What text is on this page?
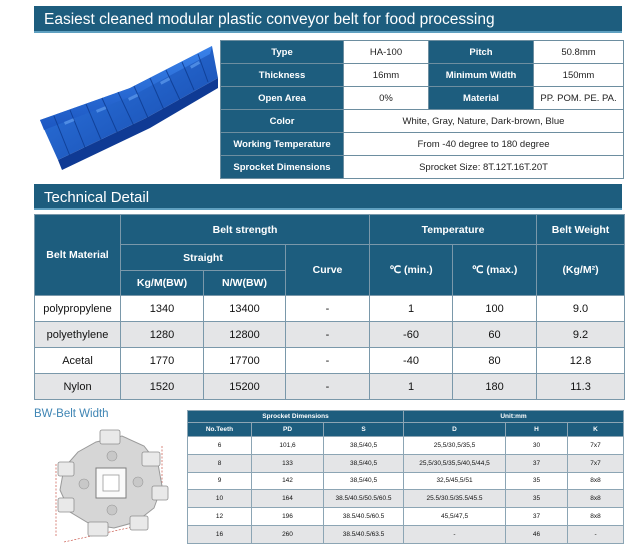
Easiest cleaned modular plastic conveyor belt for food processing
Type	HA-100	Pitch	50.8mm
Thickness	16mm	Minimum Width	150mm
Open Area	0%	Material	PP. POM. PE. PA.
Color	White, Gray, Nature, Dark-brown, Blue		
Working Temperature	From -40 degree to 180 degree		
Sprocket Dimensions	Sprocket Size: 8T.12T.16T.20T		
Technical Detail
Belt Material	Belt strength			Temperature		Belt Weight
	Straight		Curve	℃ (min.)	℃ (max.)	(Kg/M²)
	Kg/M(BW)	N/W(BW)				
polypropylene	1340	13400	-	1	100	9.0
polyethylene	1280	12800	-	-60	60	9.2
Acetal	1770	17700	-	-40	80	12.8
Nylon	1520	15200	-	1	180	11.3
BW-Belt Width	Sprocket Dimensions			Unit:mm		
No.Teeth	PD	S	D	H	K
6	101,6	38,5/40,5	25,5/30,5/35,5	30	7x7
8	133	38,5/40,5	25,5/30,5/35,5/40,5/44,5	37	7x7
9	142	38,5/40,5	32,5/45,5/51	35	8x8
10	164	38.5/40.5/50.5/60.5	25.5/30.5/35.5/45.5	35	8x8
12	196	38.5/40.5/60.5	45,5/47,5	37	8x8
16	260	38.5/40.5/63.5	-	46	-
